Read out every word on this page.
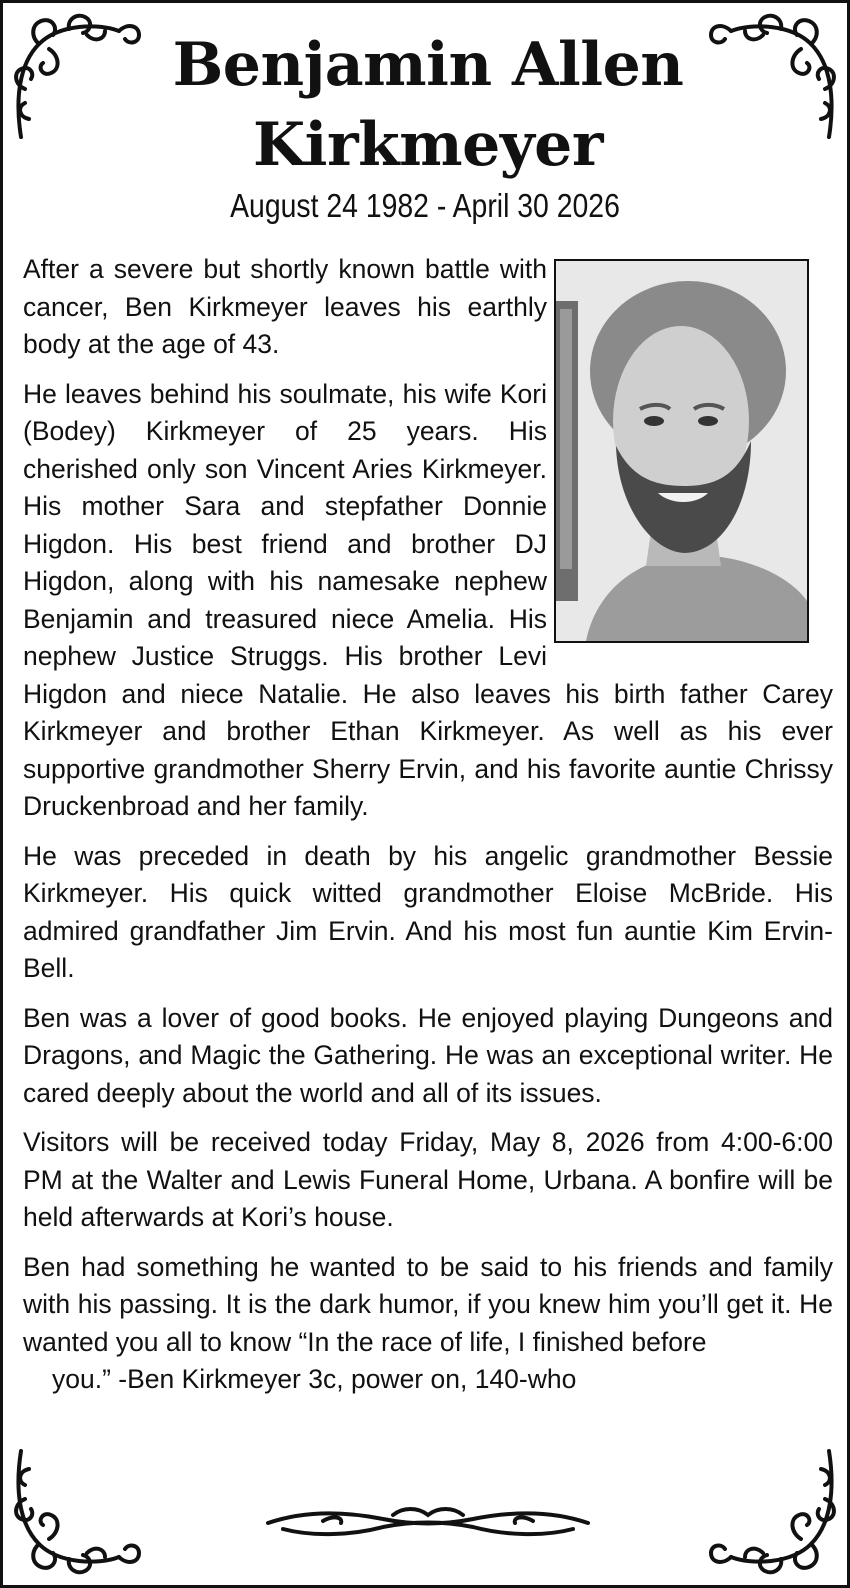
Benjamin Allen
Kirkmeyer
August 24 1982 - April 30 2026

After a severe but shortly known battle with cancer, Ben Kirkmeyer leaves his earthly body at the age of 43.

He leaves behind his soulmate, his wife Kori (Bodey) Kirkmeyer of 25 years. His cherished only son Vincent Aries Kirkmeyer. His mother Sara and stepfather Donnie Higdon. His best friend and brother DJ Higdon, along with his namesake nephew Benjamin and treasured niece Amelia. His nephew Justice Struggs. His brother Levi Higdon and niece Natalie. He also leaves his birth father Carey Kirkmeyer and brother Ethan Kirkmeyer. As well as his ever supportive grandmother Sherry Ervin, and his favorite auntie Chrissy Druckenbroad and her family.

He was preceded in death by his angelic grandmother Bessie Kirkmeyer. His quick witted grandmother Eloise McBride. His admired grandfather Jim Ervin. And his most fun auntie Kim Ervin-Bell.

Ben was a lover of good books. He enjoyed playing Dungeons and Dragons, and Magic the Gathering. He was an exceptional writer. He cared deeply about the world and all of its issues.

Visitors will be received today Friday, May 8, 2026 from 4:00-6:00 PM at the Walter and Lewis Funeral Home, Urbana. A bonfire will be held afterwards at Kori’s house.

Ben had something he wanted to be said to his friends and family with his passing. It is the dark humor, if you knew him you’ll get it. He wanted you all to know “In the race of life, I finished before
you.” -Ben Kirkmeyer 3c, power on, 140-who
